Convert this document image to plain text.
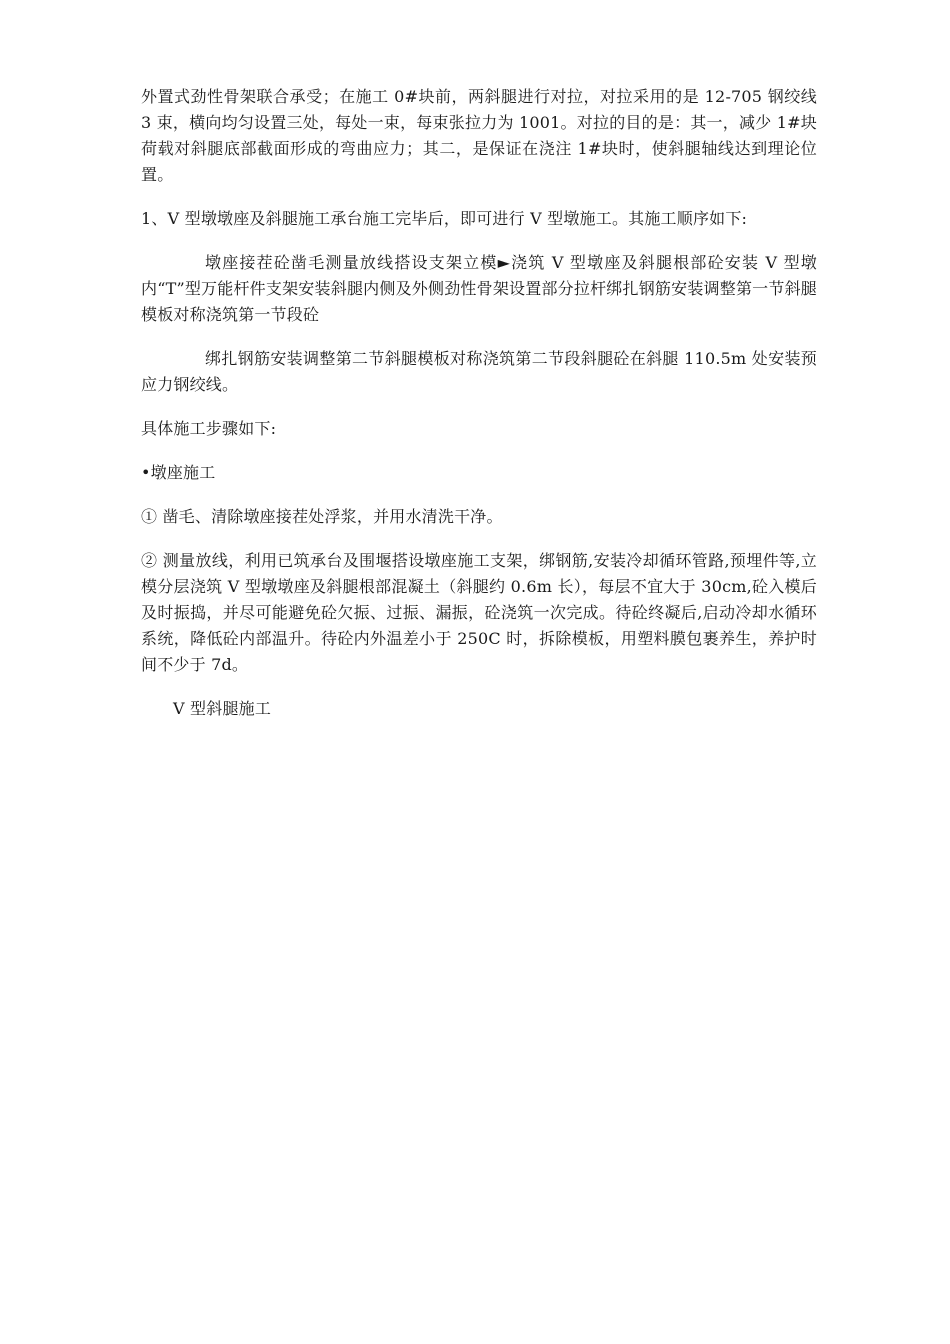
外置式劲性骨架联合承受；在施工 0#块前，两斜腿进行对拉，对拉采用的是 12-705 钢绞线 3 束，横向均匀设置三处，每处一束，每束张拉力为 1001。对拉的目的是：其一，减少 1#块荷载对斜腿底部截面形成的弯曲应力；其二，是保证在浇注 1#块时，使斜腿轴线达到理论位置。

1、V 型墩墩座及斜腿施工承台施工完毕后，即可进行 V 型墩施工。其施工顺序如下:

墩座接茬砼凿毛测量放线搭设支架立模►浇筑 V 型墩座及斜腿根部砼安装 V 型墩内“T”型万能杆件支架安装斜腿内侧及外侧劲性骨架设置部分拉杆绑扎钢筋安装调整第一节斜腿模板对称浇筑第一节段砼

绑扎钢筋安装调整第二节斜腿模板对称浇筑第二节段斜腿砼在斜腿 110.5m 处安装预应力钢绞线。

具体施工步骤如下:

•墩座施工

① 凿毛、清除墩座接茬处浮浆，并用水清洗干净。

② 测量放线，利用已筑承台及围堰搭设墩座施工支架，绑钢筋,安装冷却循环管路,预埋件等,立模分层浇筑 V 型墩墩座及斜腿根部混凝土（斜腿约 0.6m 长），每层不宜大于 30cm,砼入模后及时振捣，并尽可能避免砼欠振、过振、漏振，砼浇筑一次完成。待砼终凝后,启动冷却水循环系统，降低砼内部温升。待砼内外温差小于 250C 时，拆除模板，用塑料膜包裹养生，养护时间不少于 7d。

V 型斜腿施工
